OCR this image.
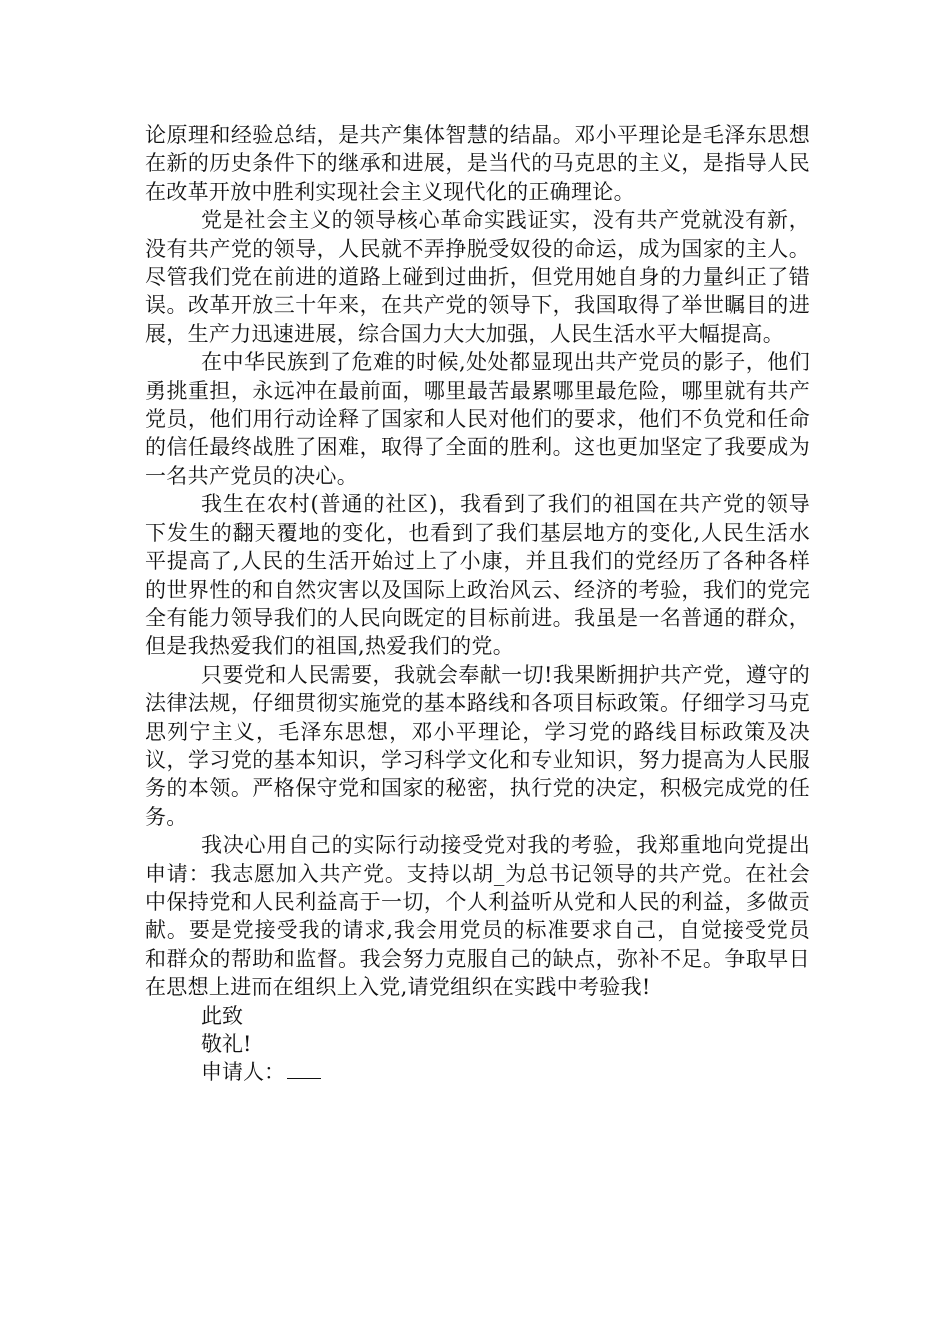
论原理和经验总结，是共产集体智慧的结晶。邓小平理论是毛泽东思想在新的历史条件下的继承和进展，是当代的马克思的主义，是指导人民在改革开放中胜利实现社会主义现代化的正确理论。

党是社会主义的领导核心革命实践证实，没有共产党就没有新，没有共产党的领导，人民就不弄挣脱受奴役的命运，成为国家的主人。尽管我们党在前进的道路上碰到过曲折，但党用她自身的力量纠正了错误。改革开放三十年来，在共产党的领导下，我国取得了举世瞩目的进展，生产力迅速进展，综合国力大大加强，人民生活水平大幅提高。

在中华民族到了危难的时候,处处都显现出共产党员的影子，他们勇挑重担，永远冲在最前面，哪里最苦最累哪里最危险，哪里就有共产党员，他们用行动诠释了国家和人民对他们的要求，他们不负党和任命的信任最终战胜了困难，取得了全面的胜利。这也更加坚定了我要成为一名共产党员的决心。

我生在农村(普通的社区)，我看到了我们的祖国在共产党的领导下发生的翻天覆地的变化，也看到了我们基层地方的变化,人民生活水平提高了,人民的生活开始过上了小康，并且我们的党经历了各种各样的世界性的和自然灾害以及国际上政治风云、经济的考验，我们的党完全有能力领导我们的人民向既定的目标前进。我虽是一名普通的群众，但是我热爱我们的祖国,热爱我们的党。

只要党和人民需要，我就会奉献一切!我果断拥护共产党，遵守的法律法规，仔细贯彻实施党的基本路线和各项目标政策。仔细学习马克思列宁主义，毛泽东思想，邓小平理论，学习党的路线目标政策及决议，学习党的基本知识，学习科学文化和专业知识，努力提高为人民服务的本领。严格保守党和国家的秘密，执行党的决定，积极完成党的任务。

我决心用自己的实际行动接受党对我的考验，我郑重地向党提出申请：我志愿加入共产党。支持以胡_为总书记领导的共产党。在社会中保持党和人民利益高于一切，个人利益听从党和人民的利益，多做贡献。要是党接受我的请求,我会用党员的标准要求自己，自觉接受党员和群众的帮助和监督。我会努力克服自己的缺点，弥补不足。争取早日在思想上进而在组织上入党,请党组织在实践中考验我!

此致
敬礼!
申请人：
